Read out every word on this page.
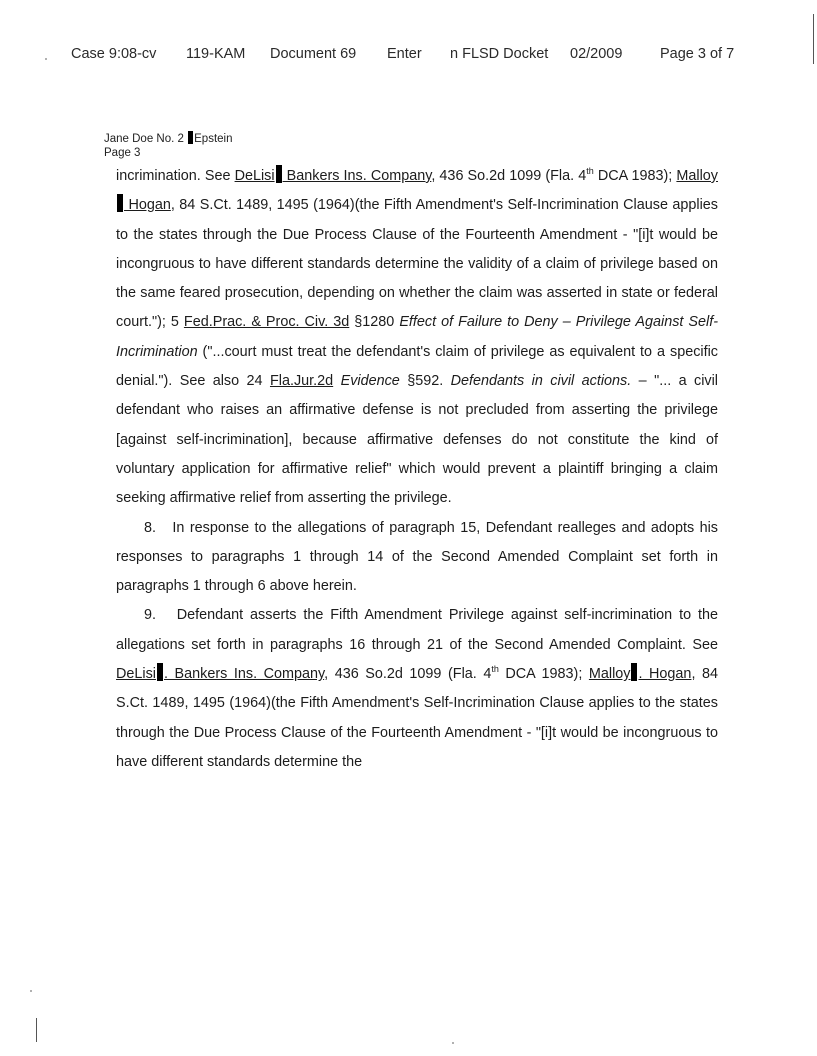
Case 9:08-cv 119-KAM Document 69 Enter n FLSD Docket 02/2009	Page 3 of 7
Jane Doe No. 2 Epstein
Page 3

incrimination. See DeLisi Bankers Ins. Company, 436 So.2d 1099 (Fla. 4th DCA 1983); Malloy Hogan, 84 S.Ct. 1489, 1495 (1964)(the Fifth Amendment's Self-Incrimination Clause applies to the states through the Due Process Clause of the Fourteenth Amendment - "[i]t would be incongruous to have different standards determine the validity of a claim of privilege based on the same feared prosecution, depending on whether the claim was asserted in state or federal court."); 5 Fed.Prac. & Proc. Civ. 3d §1280 Effect of Failure to Deny – Privilege Against Self-Incrimination ("...court must treat the defendant's claim of privilege as equivalent to a specific denial."). See also 24 Fla.Jur.2d Evidence §592. Defendants in civil actions. – "... a civil defendant who raises an affirmative defense is not precluded from asserting the privilege [against self-incrimination], because affirmative defenses do not constitute the kind of voluntary application for affirmative relief" which would prevent a plaintiff bringing a claim seeking affirmative relief from asserting the privilege.

8. In response to the allegations of paragraph 15, Defendant realleges and adopts his responses to paragraphs 1 through 14 of the Second Amended Complaint set forth in paragraphs 1 through 6 above herein.

9. Defendant asserts the Fifth Amendment Privilege against self-incrimination to the allegations set forth in paragraphs 16 through 21 of the Second Amended Complaint. See DeLisi . Bankers Ins. Company, 436 So.2d 1099 (Fla. 4th DCA 1983); Malloy . Hogan, 84 S.Ct. 1489, 1495 (1964)(the Fifth Amendment's Self-Incrimination Clause applies to the states through the Due Process Clause of the Fourteenth Amendment - "[i]t would be incongruous to have different standards determine the
